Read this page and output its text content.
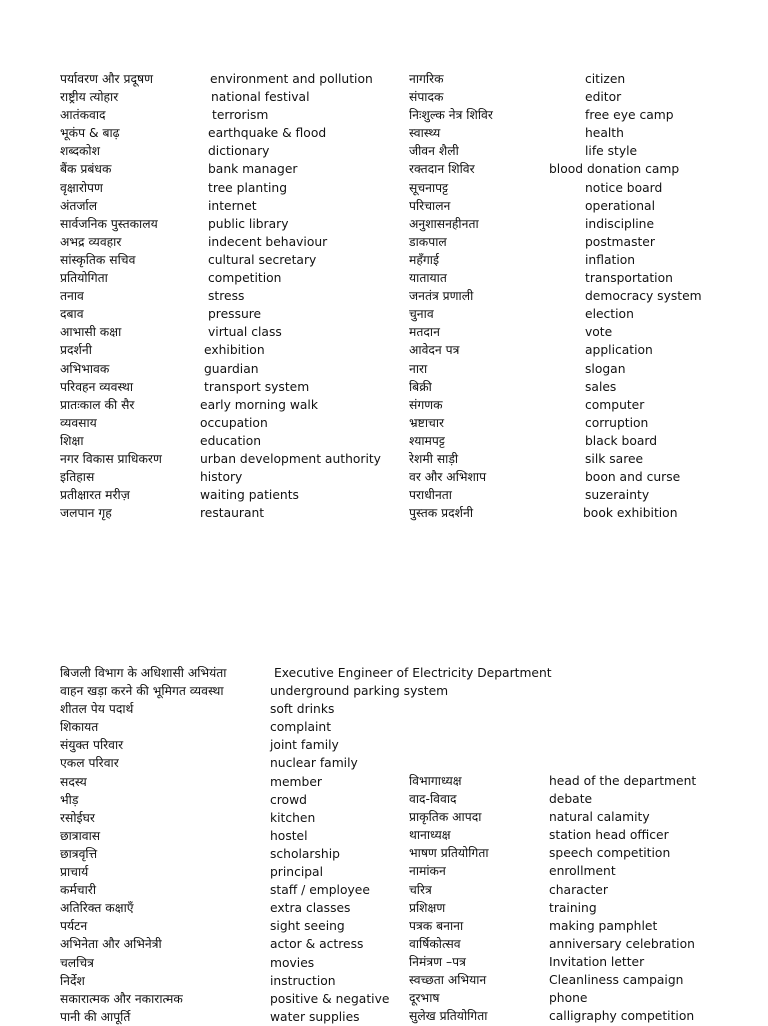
पर्यावरण और प्रदूषण
राष्ट्रीय त्योहार
आतंकवाद
भूकंप & बाढ़
शब्दकोश
बैंक प्रबंधक
वृक्षारोपण
अंतर्जाल
सार्वजनिक पुस्तकालय
अभद्र व्यवहार
सांस्कृतिक सचिव
प्रतियोगिता
तनाव
दबाव
आभासी कक्षा
प्रदर्शनी
अभिभावक
परिवहन व्यवस्था
प्रातःकाल की सैर
व्यवसाय
शिक्षा
नगर विकास प्राधिकरण
इतिहास
प्रतीक्षारत मरीज़
जलपान गृह
environment and pollution
national festival
terrorism
earthquake & flood
dictionary
bank manager
tree planting
internet
public library
indecent behaviour
cultural secretary
competition
stress
pressure
virtual class
exhibition
guardian
transport system
early morning walk
occupation
education
urban development authority
history
waiting patients
restaurant
नागरिक
संपादक
निःशुल्क नेत्र शिविर
स्वास्थ्य
जीवन शैली
रक्तदान शिविर
सूचनापट्ट
परिचालन
अनुशासनहीनता
डाकपाल
महँगाई
यातायात
जनतंत्र प्रणाली
चुनाव
मतदान
आवेदन पत्र
नारा
बिक्री
संगणक
भ्रष्टाचार
श्यामपट्ट
रेशमी साड़ी
वर और अभिशाप
पराधीनता
पुस्तक प्रदर्शनी
citizen
editor
free eye camp
health
life style
blood donation camp
notice board
operational
indiscipline
postmaster
inflation
transportation
democracy system
election
vote
application
slogan
sales
computer
corruption
black board
silk saree
boon and curse
suzerainty
book exhibition
बिजली विभाग के अधिशासी अभियंता
वाहन खड़ा करने की भूमिगत व्यवस्था
शीतल पेय पदार्थ
शिकायत
संयुक्त परिवार
एकल परिवार
सदस्य
भीड़
रसोईघर
छात्रावास
छात्रवृत्ति
प्राचार्य
कर्मचारी
अतिरिक्त कक्षाएँ
पर्यटन
अभिनेता और अभिनेत्री
चलचित्र
निर्देश
सकारात्मक और नकारात्मक
पानी की आपूर्ति
Executive Engineer of Electricity Department
underground parking system
soft drinks
complaint
joint family
nuclear family
member
crowd
kitchen
hostel
scholarship
principal
staff / employee
extra classes
sight seeing
actor & actress
movies
instruction
positive & negative
water supplies
विभागाध्यक्ष
वाद-विवाद
प्राकृतिक आपदा
थानाध्यक्ष
भाषण प्रतियोगिता
नामांकन
चरित्र
प्रशिक्षण
पत्रक बनाना
वार्षिकोत्सव
निमंत्रण –पत्र
स्वच्छता अभियान
दूरभाष
सुलेख प्रतियोगिता
head of the department
debate
natural calamity
station head officer
speech competition
enrollment
character
training
making pamphlet
anniversary celebration
Invitation letter
Cleanliness campaign
phone
calligraphy competition
